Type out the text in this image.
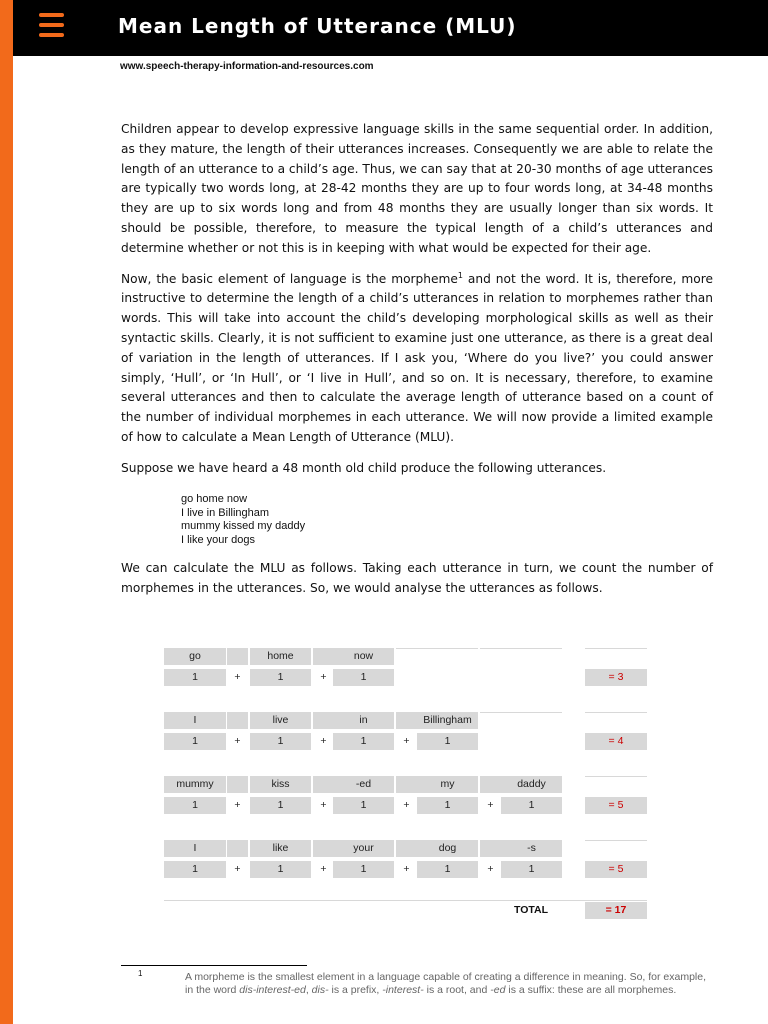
Mean Length of Utterance (MLU)
www.speech-therapy-information-and-resources.com

Children appear to develop expressive language skills in the same sequential order. In addition, as they mature, the length of their utterances increases. Consequently we are able to relate the length of an utterance to a child’s age. Thus, we can say that at 20-30 months of age utterances are typically two words long, at 28-42 months they are up to four words long, at 34-48 months they are up to six words long and from 48 months they are usually longer than six words. It should be possible, therefore, to measure the typical length of a child’s utterances and determine whether or not this is in keeping with what would be expected for their age.

Now, the basic element of language is the morpheme$^1$ and not the word. It is, therefore, more instructive to determine the length of a child’s utterances in relation to morphemes rather than words. This will take into account the child’s developing morphological skills as well as their syntactic skills. Clearly, it is not sufficient to examine just one utterance, as there is a great deal of variation in the length of utterances. If I ask you, ‘Where do you live?’ you could answer simply, ‘Hull’, or ‘In Hull’, or ‘I live in Hull’, and so on. It is necessary, therefore, to examine several utterances and then to calculate the average length of utterance based on a count of the number of individual morphemes in each utterance. We will now provide a limited example of how to calculate a Mean Length of Utterance (MLU).

Suppose we have heard a 48 month old child produce the following utterances.

go home now
I live in Billingham
mummy kissed my daddy
I like your dogs
We can calculate the MLU as follows. Taking each utterance in turn, we count the number of morphemes in the utterances. So, we would analyse the utterances as follows.
go	home	now
1	+	1	+	1	= 3
I	live	in	Billingham
1	+	1	+	1	+	1	= 4
mummy	kiss	-ed	my	daddy
1	+	1	+	1	+	1	+	1	= 5
I	like	your	dog	-s
1	+	1	+	1	+	1	+	1	= 5
TOTAL	= 17
1	A morpheme is the smallest element in a language capable of creating a difference in meaning. So, for example, in the word dis-interest-ed, dis- is a prefix, -interest- is a root, and -ed is a suffix: these are all morphemes.
